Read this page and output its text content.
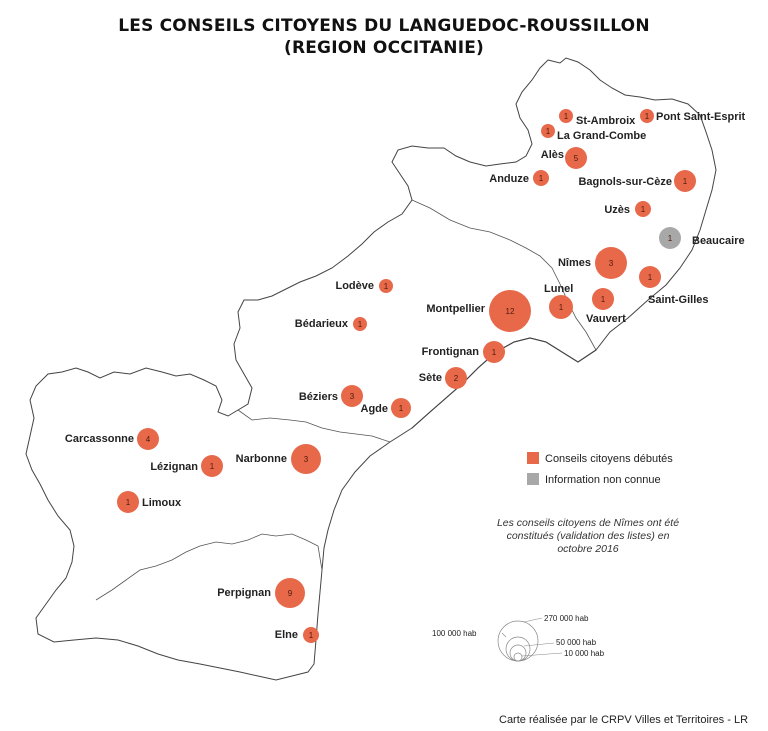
1 St-Ambroix 1 Pont Saint-Esprit
1 La Grand-Combe
5
Alès
1
Anduze	1
Bagnols-sur-Cèze
1
Uzès
1 Beaucaire
3
Nîmes
1
Saint-Gilles
1
Vauvert
1
Lunel
12
Montpellier
1
Lodève
1
Bédarieux
1
Frontignan
2
Sète
3
Béziers
1
Agde
4
Carcassonne
1
Lézignan
3
Narbonne
1 Limoux
9
Perpignan
1
Elne
270 000 hab
100 000 hab
50 000 hab
10 000 hab
LES CONSEILS CITOYENS DU LANGUEDOC-ROUSSILLON
(REGION OCCITANIE)
Conseils citoyens débutés
Information non connue
Les conseils citoyens de Nîmes ont été constitués (validation des listes) en octobre 2016
Carte réalisée par le CRPV Villes et Territoires - LR
